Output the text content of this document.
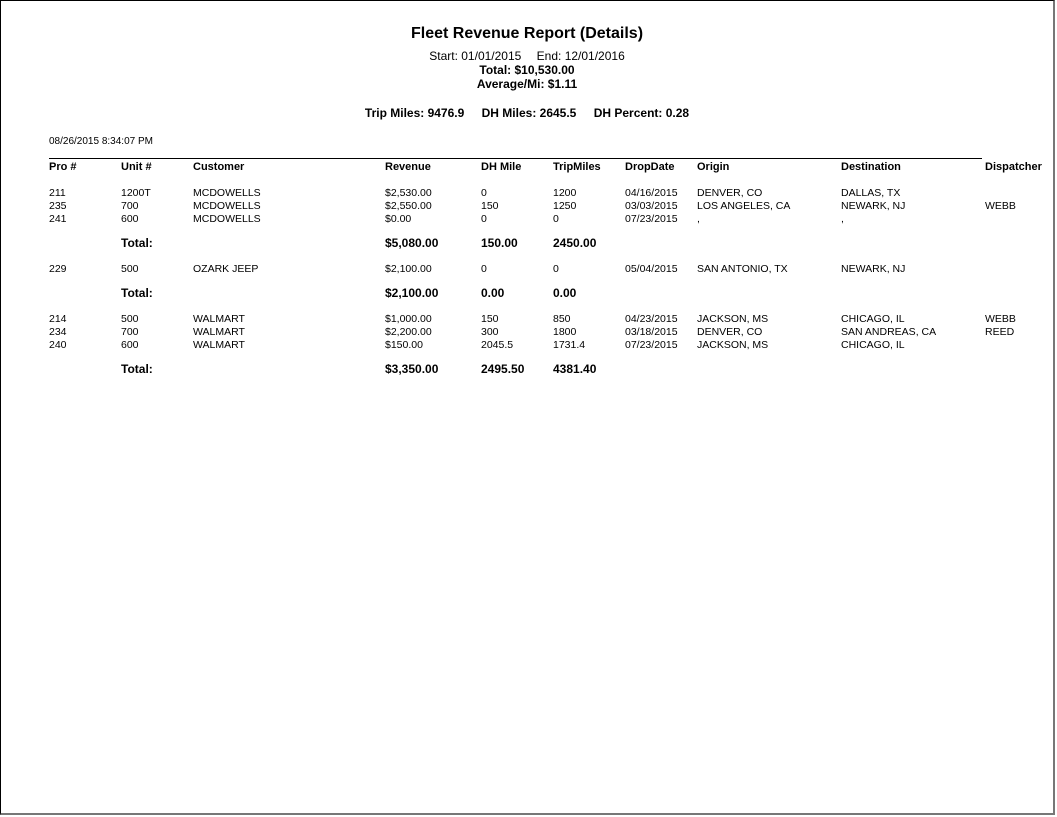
Fleet Revenue Report (Details)
Start: 01/01/2015 End: 12/01/2016
Total: $10,530.00
Average/Mi: $1.11
Trip Miles: 9476.9 DH Miles: 2645.5 DH Percent: 0.28
08/26/2015 8:34:07 PM
Pro #	Unit #	Customer	Revenue	DH Mile	TripMiles DropDate Origin	Destination	Dispatcher
211	1200T	MCDOWELLS	$2,530.00	0	1200	04/16/2015 DENVER, CO	DALLAS, TX
235	700	MCDOWELLS	$2,550.00	150	1250	03/03/2015 LOS ANGELES, CA	NEWARK, NJ	WEBB
241	600	MCDOWELLS	$0.00	0	0	07/23/2015 ,	,
Total:	$5,080.00	150.00	2450.00
229	500	OZARK JEEP	$2,100.00	0	0	05/04/2015 SAN ANTONIO, TX	NEWARK, NJ
Total:	$2,100.00	0.00	0.00
214	500	WALMART	$1,000.00	150	850	04/23/2015 JACKSON, MS	CHICAGO, IL	WEBB
234	700	WALMART	$2,200.00	300	1800	03/18/2015 DENVER, CO	SAN ANDREAS, CA	REED
240	600	WALMART	$150.00	2045.5	1731.4	07/23/2015 JACKSON, MS	CHICAGO, IL
Total:	$3,350.00	2495.50 4381.40
